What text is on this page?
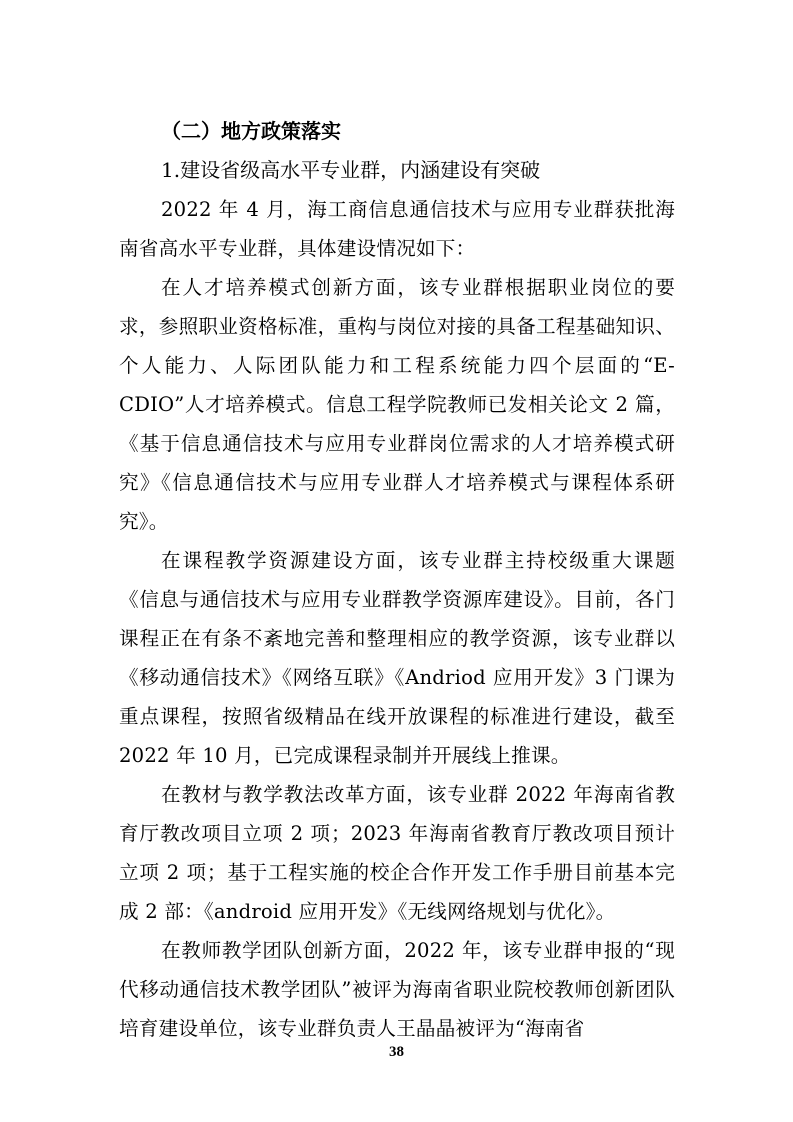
（二）地方政策落实

1.建设省级高水平专业群，内涵建设有突破

2022 年 4 月，海工商信息通信技术与应用专业群获批海南省高水平专业群，具体建设情况如下：

在人才培养模式创新方面，该专业群根据职业岗位的要求，参照职业资格标准，重构与岗位对接的具备工程基础知识、个人能力、人际团队能力和工程系统能力四个层面的“E-CDIO”人才培养模式。信息工程学院教师已发相关论文 2 篇，《基于信息通信技术与应用专业群岗位需求的人才培养模式研究》《信息通信技术与应用专业群人才培养模式与课程体系研究》。

在课程教学资源建设方面，该专业群主持校级重大课题《信息与通信技术与应用专业群教学资源库建设》。目前，各门课程正在有条不紊地完善和整理相应的教学资源，该专业群以《移动通信技术》《网络互联》《Andriod 应用开发》3 门课为重点课程，按照省级精品在线开放课程的标准进行建设，截至 2022 年 10 月，已完成课程录制并开展线上推课。

在教材与教学教法改革方面，该专业群 2022 年海南省教育厅教改项目立项 2 项；2023 年海南省教育厅教改项目预计立项 2 项；基于工程实施的校企合作开发工作手册目前基本完成 2 部：《android 应用开发》《无线网络规划与优化》。

在教师教学团队创新方面，2022 年，该专业群申报的“现代移动通信技术教学团队”被评为海南省职业院校教师创新团队培育建设单位，该专业群负责人王晶晶被评为“海南省

38
